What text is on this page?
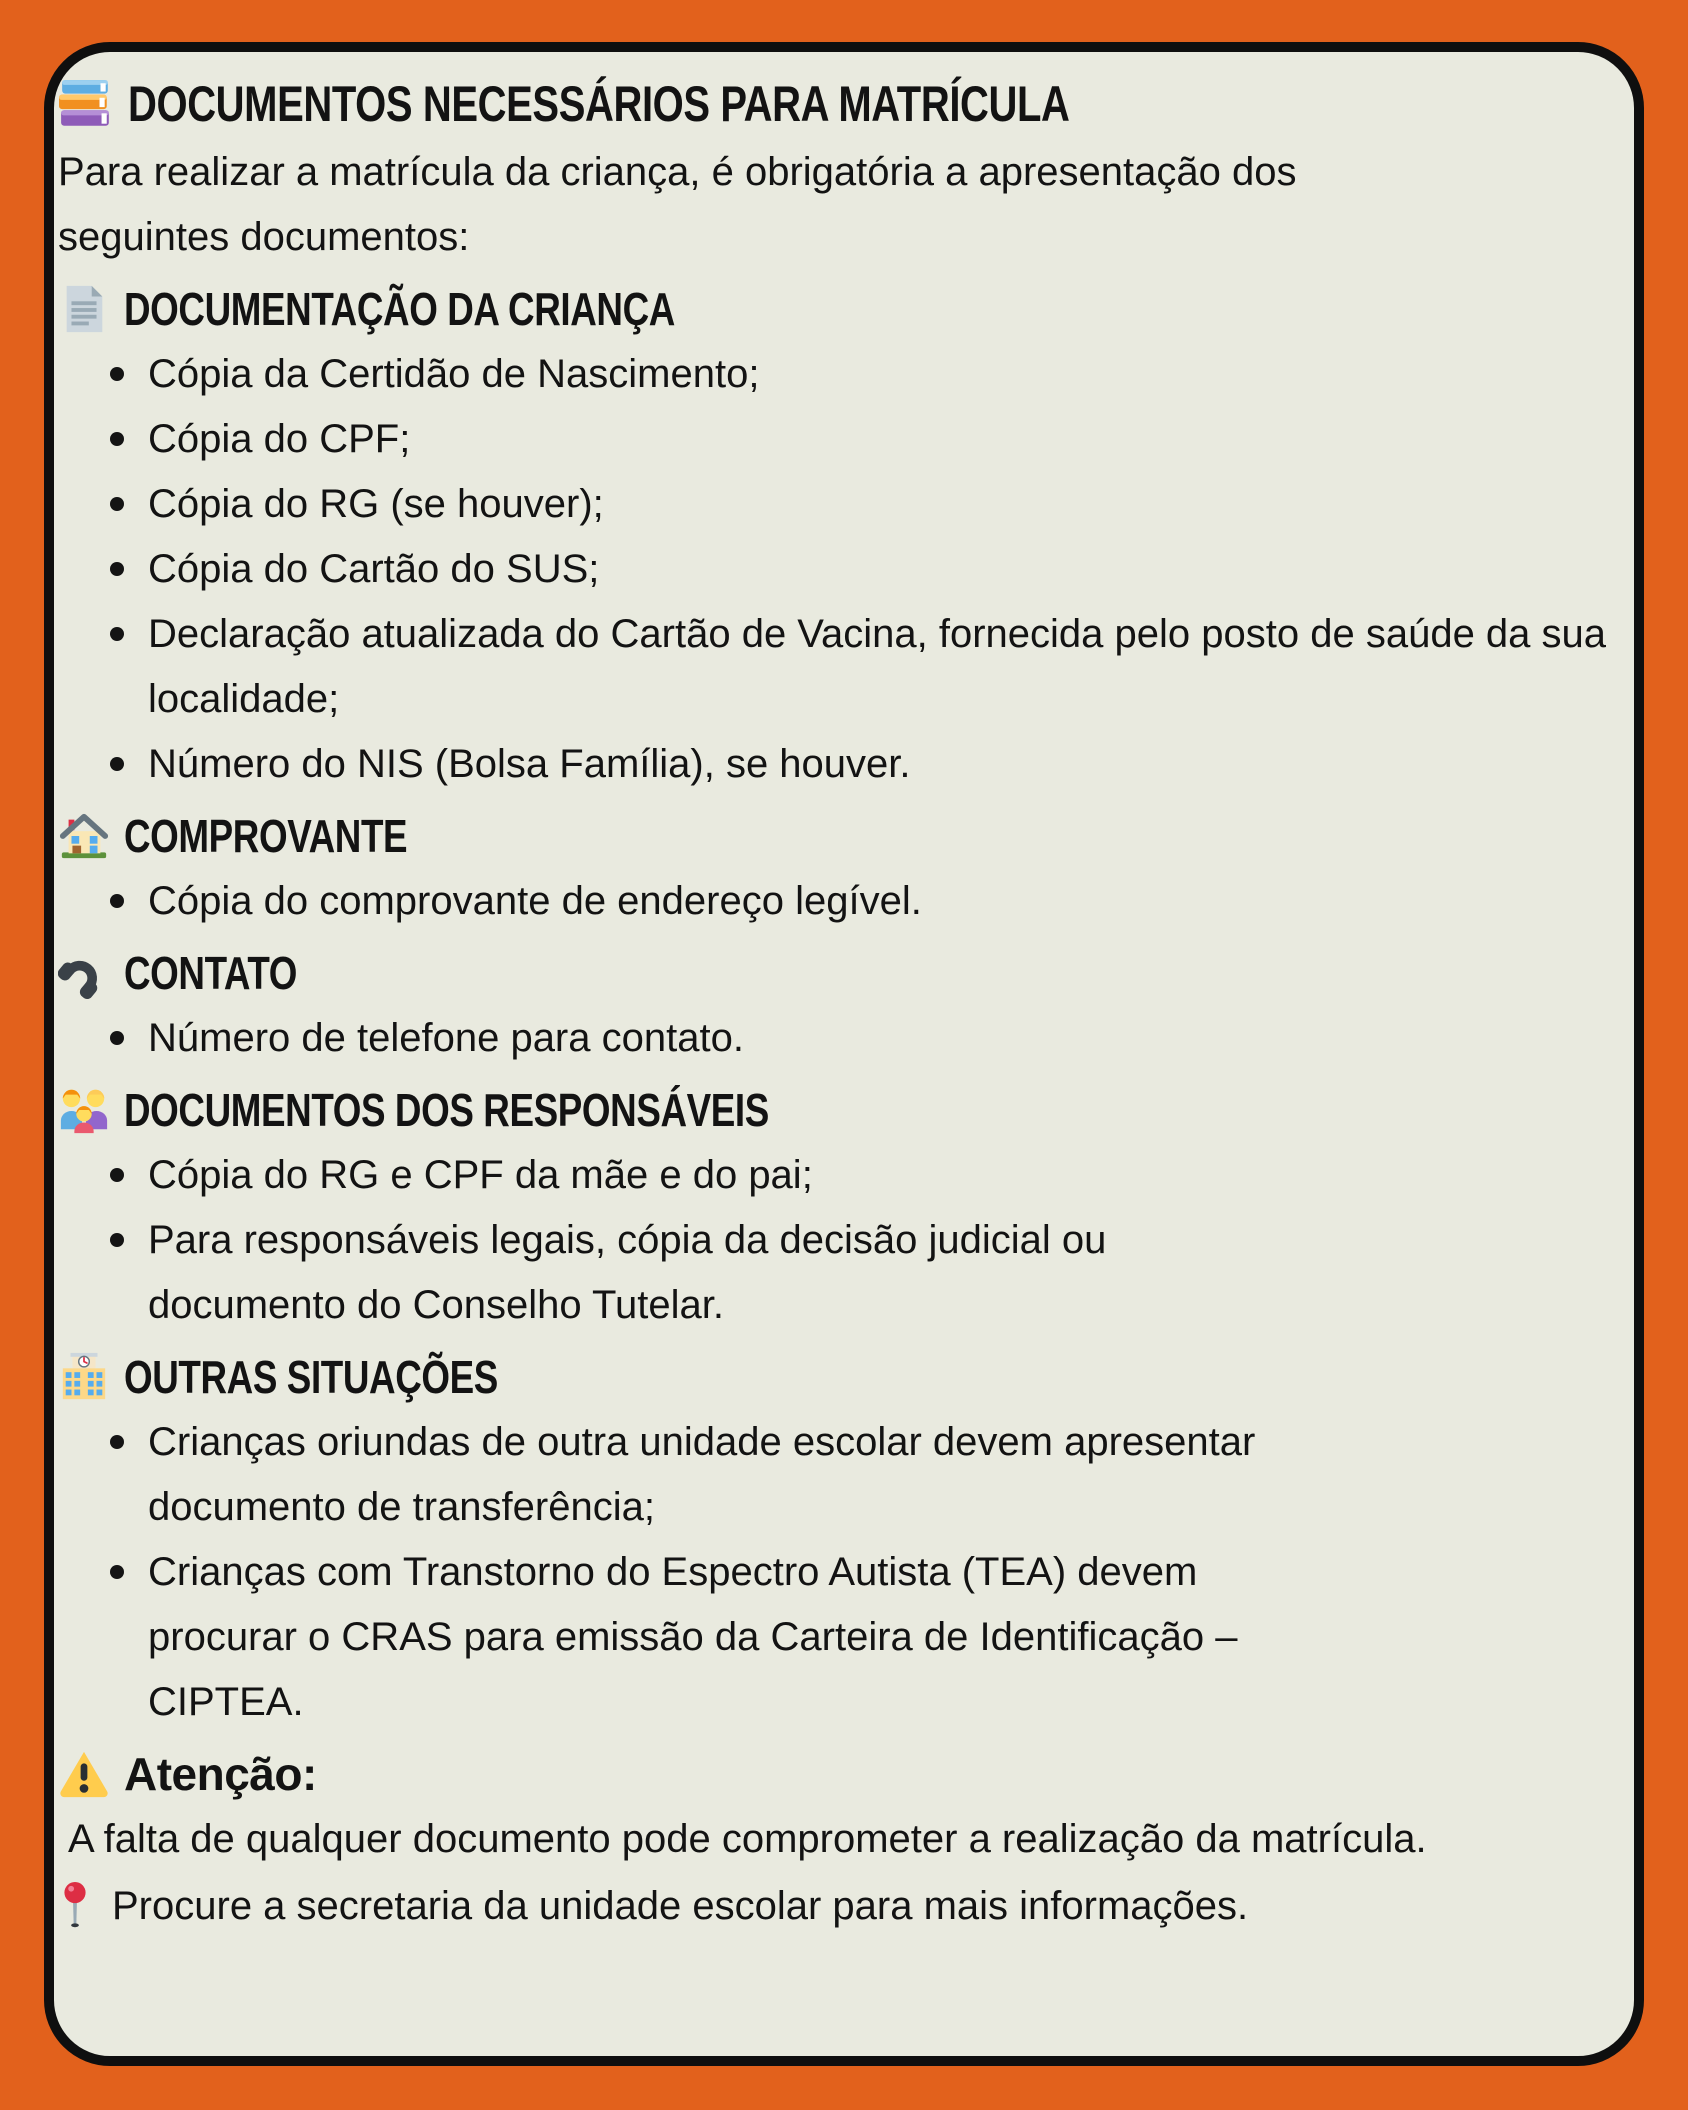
DOCUMENTOS NECESSÁRIOS PARA MATRÍCULA

Para realizar a matrícula da criança, é obrigatória a apresentação dos seguintes documentos:

DOCUMENTAÇÃO DA CRIANÇA
Cópia da Certidão de Nascimento;
Cópia do CPF;
Cópia do RG (se houver);
Cópia do Cartão do SUS;
Declaração atualizada do Cartão de Vacina, fornecida pelo posto de saúde da sua localidade;
Número do NIS (Bolsa Família), se houver.
COMPROVANTE
Cópia do comprovante de endereço legível.
CONTATO
Número de telefone para contato.
DOCUMENTOS DOS RESPONSÁVEIS
Cópia do RG e CPF da mãe e do pai;
Para responsáveis legais, cópia da decisão judicial ou documento do Conselho Tutelar.
OUTRAS SITUAÇÕES
Crianças oriundas de outra unidade escolar devem apresentar documento de transferência;
Crianças com Transtorno do Espectro Autista (TEA) devem procurar o CRAS para emissão da Carteira de Identificação – CIPTEA.
Atenção:

A falta de qualquer documento pode comprometer a realização da matrícula.

Procure a secretaria da unidade escolar para mais informações.
